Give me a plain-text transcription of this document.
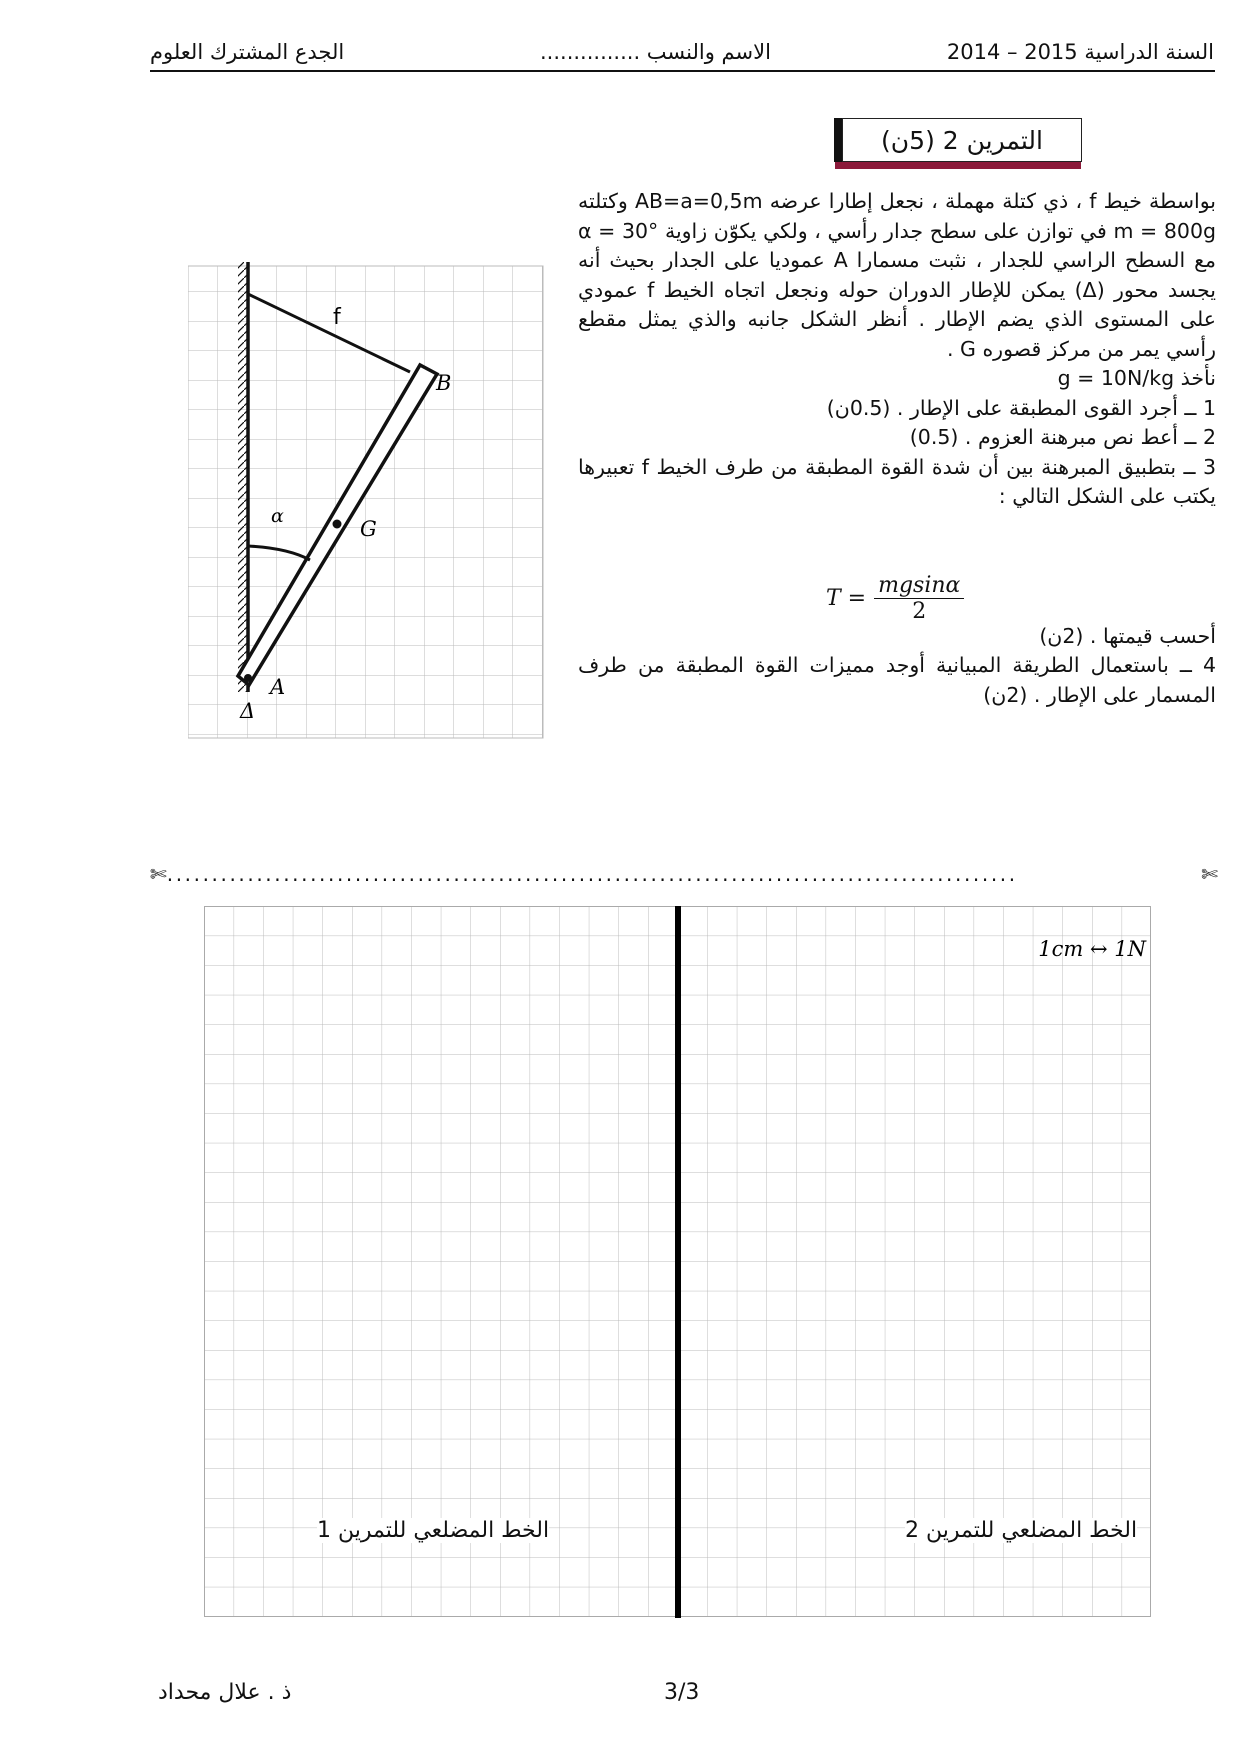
السنة الدراسية 2015 – 2014
الاسم والنسب ...............
الجدع المشترك العلوم
التمرين 2 (5ن)

بواسطة خيط f ، ذي كتلة مهملة ، نجعل إطارا عرضه AB=a=0,5m وكتلته m = 800g في توازن على سطح جدار رأسي ، ولكي يكوّن زاوية α = 30° مع السطح الراسي للجدار ، نثبت مسمارا A عموديا على الجدار بحيث أنه يجسد محور (Δ) يمكن للإطار الدوران حوله ونجعل اتجاه الخيط f عمودي على المستوى الذي يضم الإطار . أنظر الشكل جانبه والذي يمثل مقطع رأسي يمر من مركز قصوره G .

نأخذ g = 10N/kg

1 ــ أجرد القوى المطبقة على الإطار . (0.5ن)

2 ــ أعط نص مبرهنة العزوم . (0.5)

3 ــ بتطبيق المبرهنة بين أن شدة القوة المطبقة من طرف الخيط f تعبيرها يكتب على الشكل التالي :

أحسب قيمتها . (2ن)

4 ــ باستعمال الطريقة المبيانية أوجد مميزات القوة المطبقة من طرف المسمار على الإطار . (2ن)

$T = \frac{mgsin\alpha}{2}$
f
B
G
A
α
Δ
✄...............................................................................................	✄
1cm ↔ 1N
الخط المضلعي للتمرين 1	الخط المضلعي للتمرين 2
ذ . علال محداد	3/3
